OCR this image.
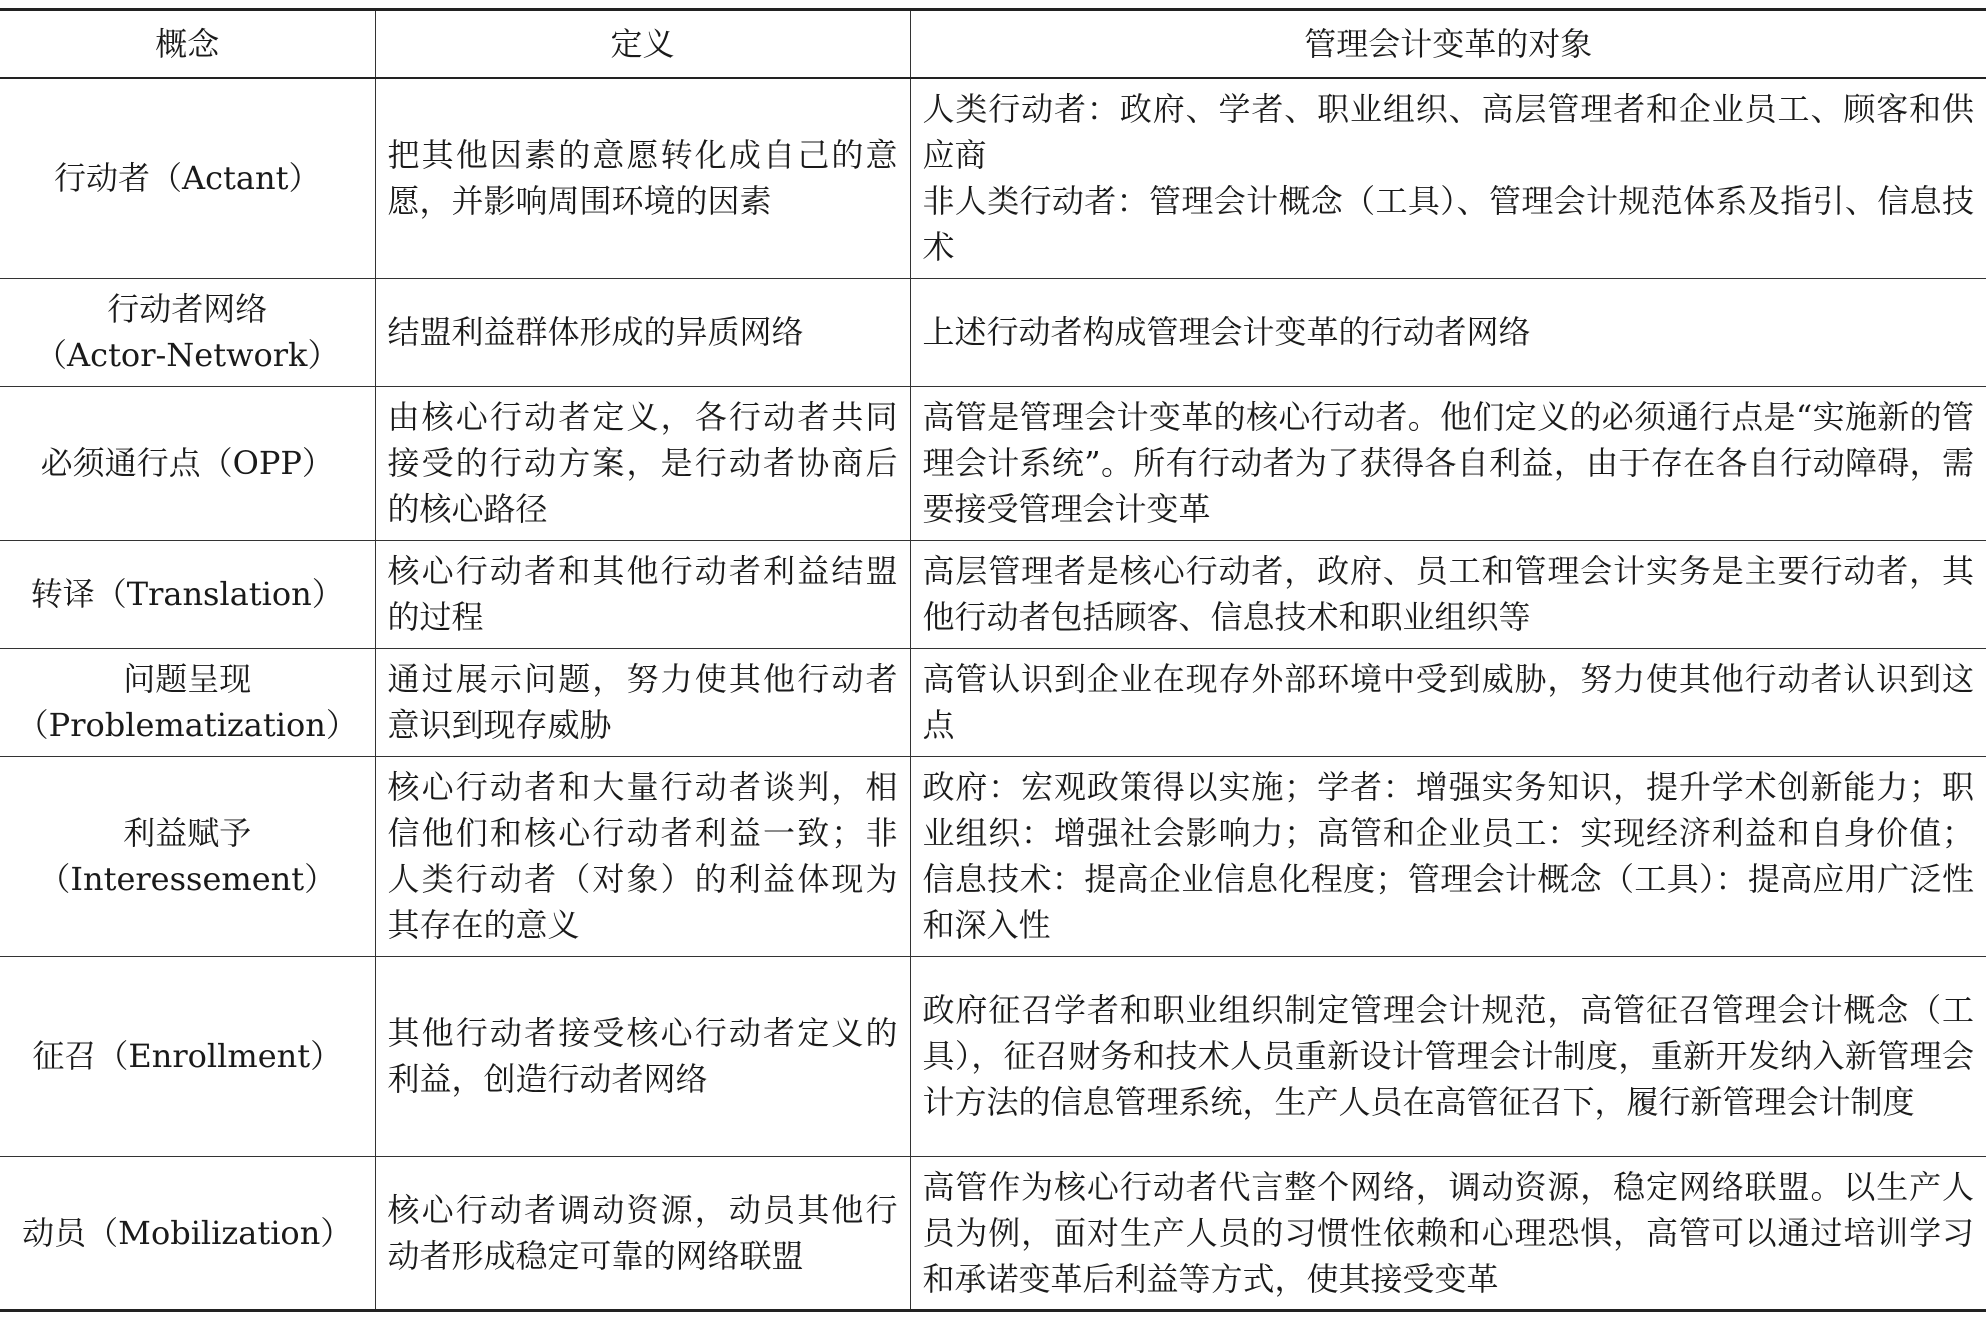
概念	定义	管理会计变革的对象

行动者（Actant）	把其他因素的意愿转化成自己的意愿，并影响周围环境的因素	人类行动者：政府、学者、职业组织、高层管理者和企业员工、顾客和供应商
非人类行动者：管理会计概念（工具）、管理会计规范体系及指引、信息技术

行动者网络
（Actor-Network）	结盟利益群体形成的异质网络	上述行动者构成管理会计变革的行动者网络

必须通行点（OPP）	由核心行动者定义，各行动者共同接受的行动方案，是行动者协商后的核心路径	高管是管理会计变革的核心行动者。他们定义的必须通行点是“实施新的管理会计系统”。所有行动者为了获得各自利益，由于存在各自行动障碍，需要接受管理会计变革

转译（Translation）	核心行动者和其他行动者利益结盟的过程	高层管理者是核心行动者，政府、员工和管理会计实务是主要行动者，其他行动者包括顾客、信息技术和职业组织等

问题呈现
（Problematization）	通过展示问题，努力使其他行动者意识到现存威胁	高管认识到企业在现存外部环境中受到威胁，努力使其他行动者认识到这点

利益赋予
（Interessement）	核心行动者和大量行动者谈判，相信他们和核心行动者利益一致；非人类行动者（对象）的利益体现为其存在的意义	政府：宏观政策得以实施；学者：增强实务知识，提升学术创新能力；职业组织：增强社会影响力；高管和企业员工：实现经济利益和自身价值；信息技术：提高企业信息化程度；管理会计概念（工具）：提高应用广泛性和深入性

征召（Enrollment）	其他行动者接受核心行动者定义的利益，创造行动者网络	政府征召学者和职业组织制定管理会计规范，高管征召管理会计概念（工具），征召财务和技术人员重新设计管理会计制度，重新开发纳入新管理会计方法的信息管理系统，生产人员在高管征召下，履行新管理会计制度

动员（Mobilization）	核心行动者调动资源，动员其他行动者形成稳定可靠的网络联盟	高管作为核心行动者代言整个网络，调动资源，稳定网络联盟。以生产人员为例，面对生产人员的习惯性依赖和心理恐惧，高管可以通过培训学习和承诺变革后利益等方式，使其接受变革
